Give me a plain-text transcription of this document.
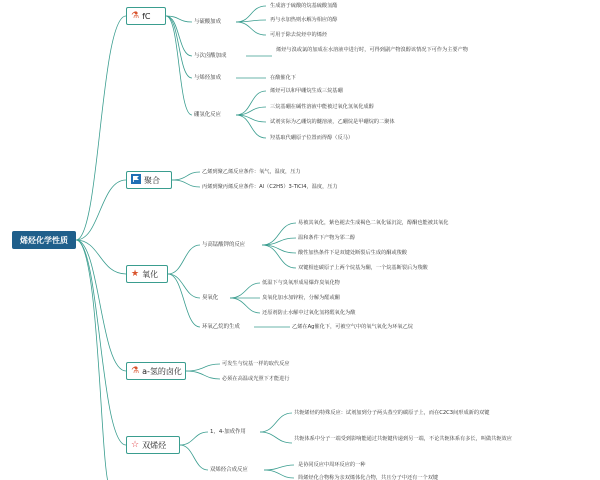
烯烃化学性质
⚗ fC
与硫酸加成
生成溶于硫酸的烷基硫酸氢酯
再与水加热则水解为相应的醇
可用于除去烷烃中的烯烃
与次卤酸加成
烯烃与溴或氯的加成在水溶液中进行时，可得到副产物溴醇该情况下可作为主要产物
与烯烃加成	在酸催化下
硼氢化反应
烯烃可以和甲硼烷生成三烷基硼
三烷基硼在碱性溶液中能被过氧化氢氧化成醇
试剂实际为乙硼烷的醚溶液，乙硼烷是甲硼烷的二聚体
羟基取代硼原子位置而得醇（反马）
聚合
乙烯到聚乙烯反应条件：氧气，温度，压力
丙烯到聚丙烯反应条件：Al（C2H5）3-TiCl4，温度，压力
★ 氧化
与高锰酸钾的反应
易被其氧化，紫色褪去生成褐色二氧化锰沉淀，醇酮也能被其氧化
温和条件下产物为邻二醇
酸性加热条件下是双键处断裂后生成的酮或羧酸
双键相连碳原子上两个烷基为酮，一个烷基断裂后为羧酸
臭氧化
低温下与臭氧形成易爆炸臭氧化物
臭氧化加水加锌粉，分解为醛或酮
还原剂防止水解中过氧化氢将醛氧化为酸
环氧乙烷的生成	乙烯在Ag催化下，可被空气中的氧气氧化为环氧乙烷
⚗ a-氢的卤化
可发生与烷基一样的取代反应
必须在高温或光照下才能进行
☆ 双烯烃
1，4-加成作用
共轭烯烃的特殊反应：试剂加到分子两头蒸空的碳原子上，而在C2C3间形成新的双键
共轭体系中分子一端受到影响能通过共轭键传递到另一端，不论共轭体系有多长，叫做共轭效应
双烯烃合成反应
是协同反应中周环反应的一种
简烯烃化合物称为亲双烯体化合物，共且分子中还有一个双键
